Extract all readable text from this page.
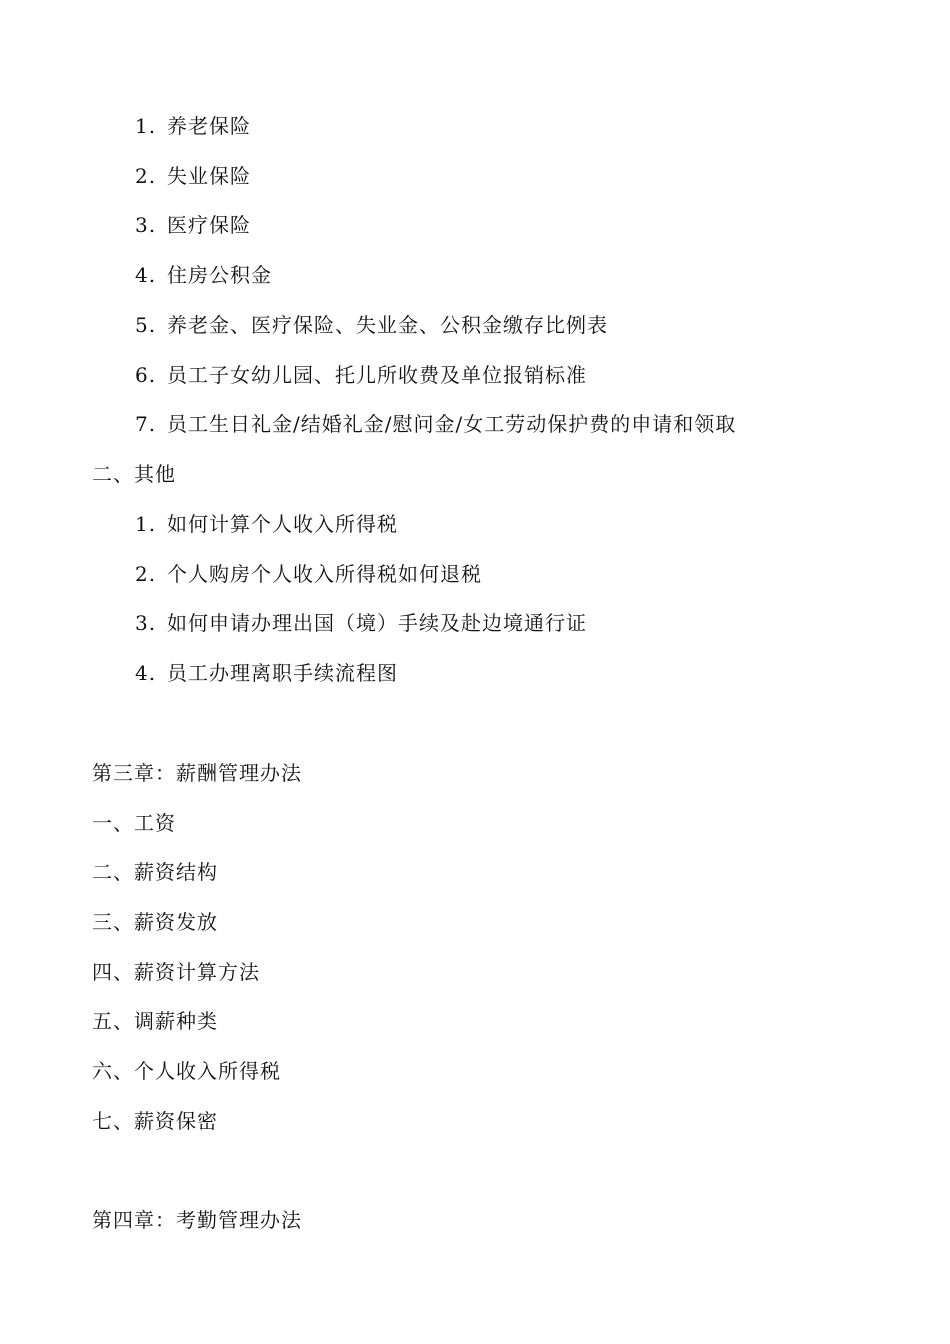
1. 养老保险
2. 失业保险
3. 医疗保险
4. 住房公积金
5. 养老金、医疗保险、失业金、公积金缴存比例表
6. 员工子女幼儿园、托儿所收费及单位报销标准
7. 员工生日礼金/结婚礼金/慰问金/女工劳动保护费的申请和领取
二、其他
1. 如何计算个人收入所得税
2. 个人购房个人收入所得税如何退税
3. 如何申请办理出国（境）手续及赴边境通行证
4. 员工办理离职手续流程图
第三章：薪酬管理办法
一、工资
二、薪资结构
三、薪资发放
四、薪资计算方法
五、调薪种类
六、个人收入所得税
七、薪资保密
第四章：考勤管理办法
